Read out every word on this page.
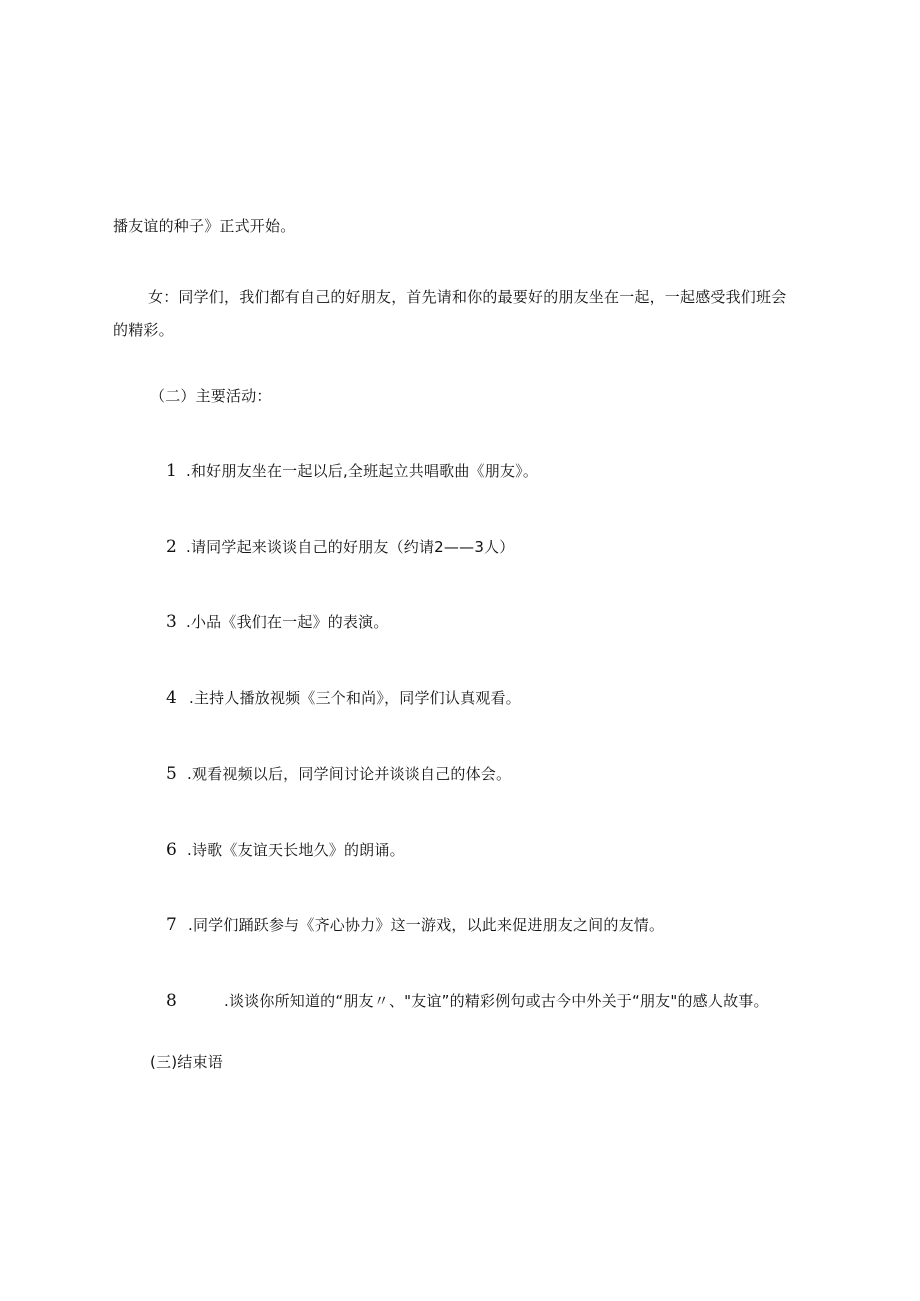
播友谊的种子》正式开始。
女：同学们，我们都有自己的好朋友，首先请和你的最要好的朋友坐在一起，一起感受我们班会
的精彩。
（二）主要活动：
1 .和好朋友坐在一起以后,全班起立共唱歌曲《朋友》。
2 .请同学起来谈谈自己的好朋友（约请2——3人）
3 .小品《我们在一起》的表演。
4 .主持人播放视频《三个和尚》，同学们认真观看。
5 .观看视频以后，同学间讨论并谈谈自己的体会。
6 .诗歌《友谊天长地久》的朗诵。
7 .同学们踊跃参与《齐心协力》这一游戏，以此来促进朋友之间的友情。
8	.谈谈你所知道的“朋友〃、"友谊”的精彩例句或古今中外关于“朋友"的感人故事。
(三)结束语
